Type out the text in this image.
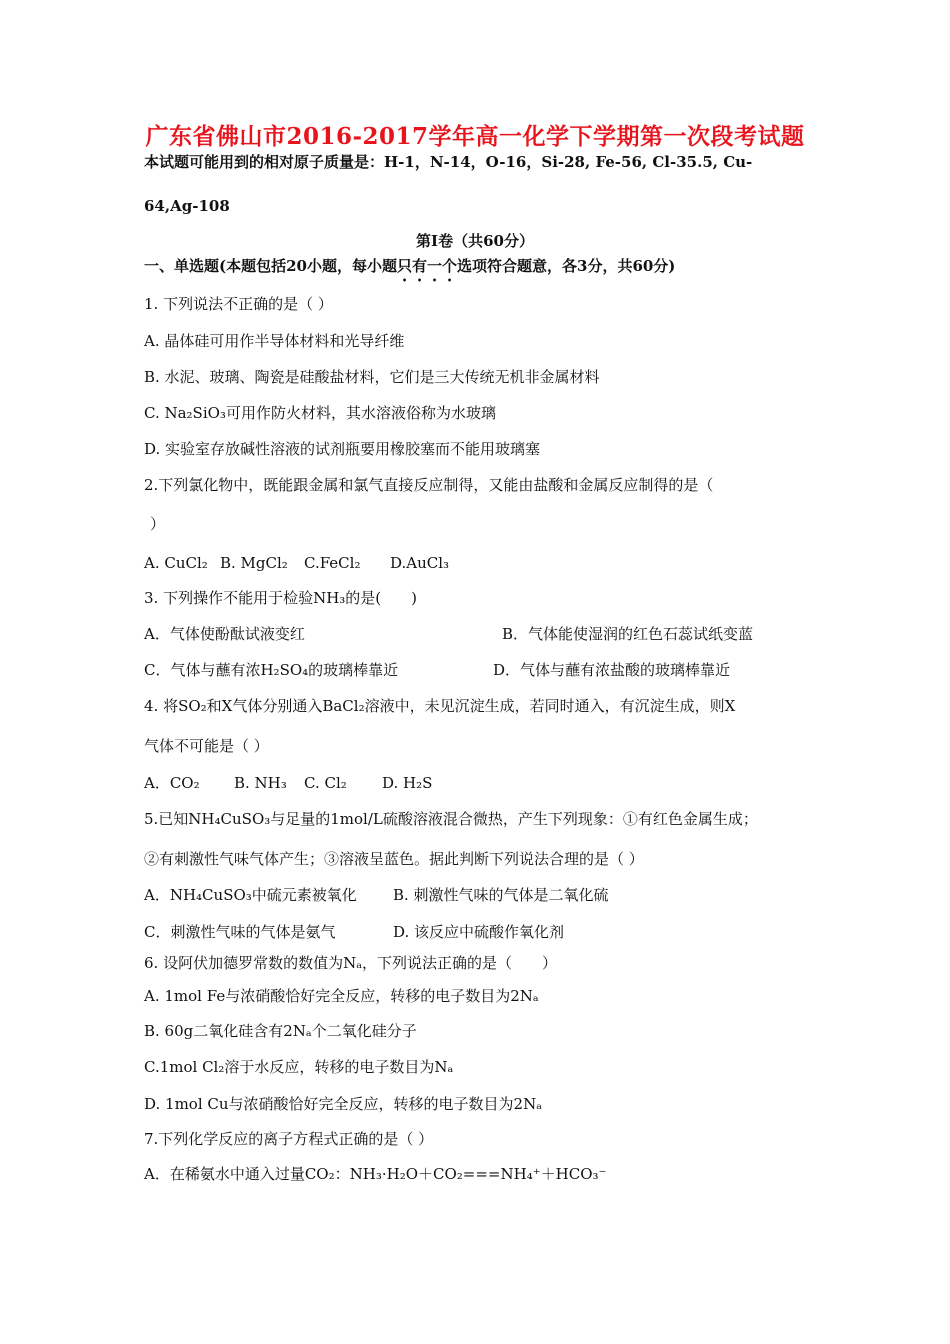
广东省佛山市2016-2017学年高一化学下学期第一次段考试题
本试题可能用到的相对原子质量是：H-1，N-14，O-16，Si-28, Fe-56, Cl-35.5, Cu-
64,Ag-108
第Ⅰ卷（共60分）
一、单选题(本题包括20小题，每小题只有一个选项符合题意，各3分，共60分)
1. 下列说法不正确的是（ ）
A. 晶体硅可用作半导体材料和光导纤维
B. 水泥、玻璃、陶瓷是硅酸盐材料，它们是三大传统无机非金属材料
C. Na₂SiO₃可用作防火材料，其水溶液俗称为水玻璃
D. 实验室存放碱性溶液的试剂瓶要用橡胶塞而不能用玻璃塞
2.下列氯化物中，既能跟金属和氯气直接反应制得，又能由盐酸和金属反应制得的是（
）
A. CuCl₂ B. MgCl₂ C.FeCl₂ D.AuCl₃
3. 下列操作不能用于检验NH₃的是(　　)
A．气体使酚酞试液变红	B．气体能使湿润的红色石蕊试纸变蓝
C．气体与蘸有浓H₂SO₄的玻璃棒靠近	D．气体与蘸有浓盐酸的玻璃棒靠近
4. 将SO₂和X气体分别通入BaCl₂溶液中，未见沉淀生成，若同时通入，有沉淀生成，则X
气体不可能是（ ）
A．CO₂ B. NH₃ C. Cl₂ D. H₂S
5.已知NH₄CuSO₃与足量的1mol/L硫酸溶液混合微热，产生下列现象：①有红色金属生成；
②有刺激性气味气体产生；③溶液呈蓝色。据此判断下列说法合理的是（ ）
A．NH₄CuSO₃中硫元素被氧化 B. 刺激性气味的气体是二氧化硫
C．刺激性气味的气体是氨气	D. 该反应中硫酸作氧化剂
6. 设阿伏加德罗常数的数值为Nₐ，下列说法正确的是（　　）
A. 1mol Fe与浓硝酸恰好完全反应，转移的电子数目为2Nₐ
B. 60g二氧化硅含有2Nₐ个二氧化硅分子
C.1mol Cl₂溶于水反应，转移的电子数目为Nₐ
D. 1mol Cu与浓硝酸恰好完全反应，转移的电子数目为2Nₐ
7.下列化学反应的离子方程式正确的是（ ）
A．在稀氨水中通入过量CO₂：NH₃·H₂O＋CO₂===NH₄⁺＋HCO₃⁻
